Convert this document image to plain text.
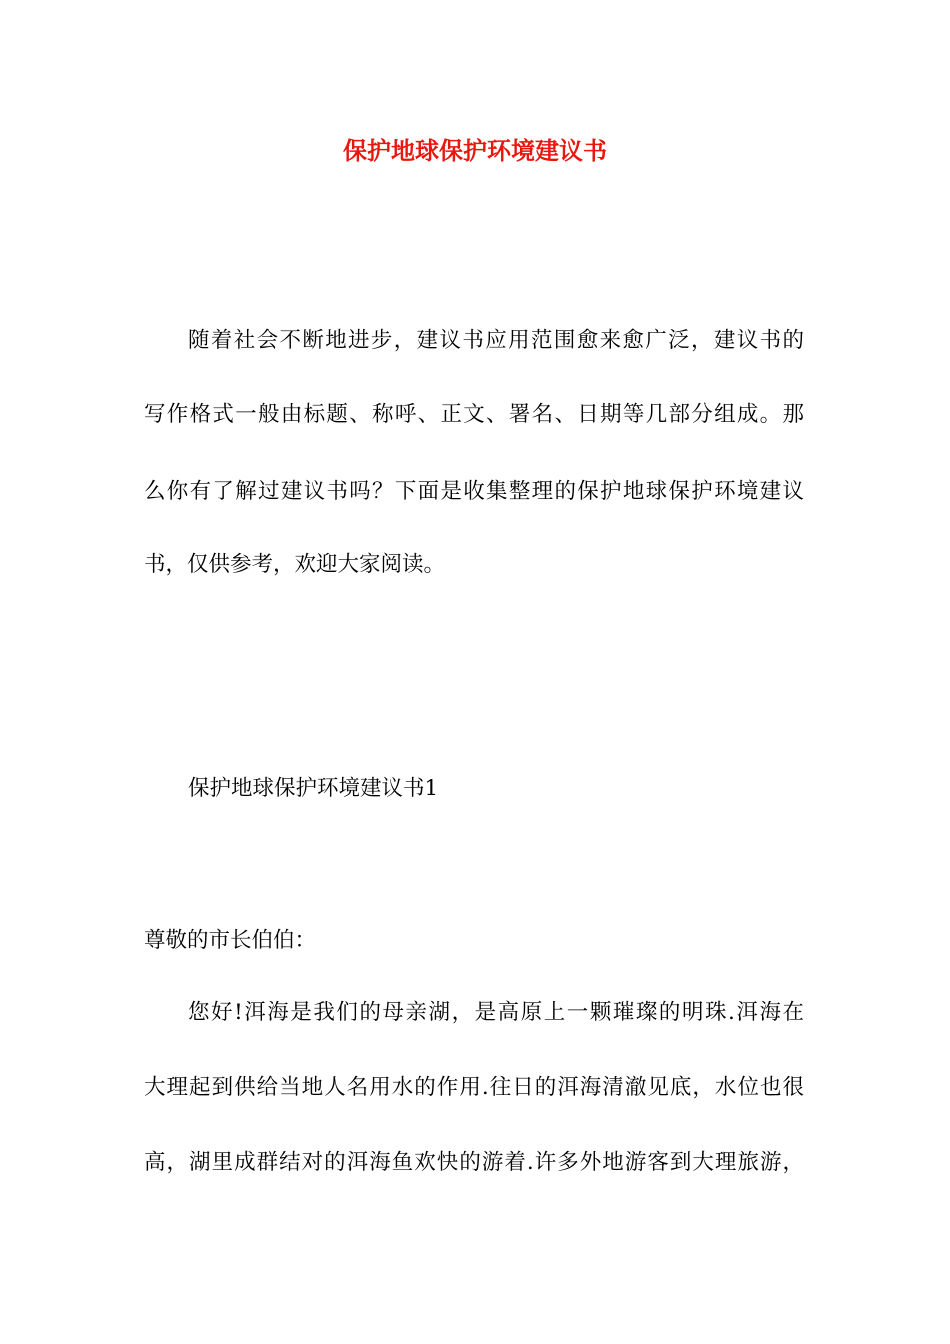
保护地球保护环境建议书
随着社会不断地进步，建议书应用范围愈来愈广泛，建议书的
写作格式一般由标题、称呼、正文、署名、日期等几部分组成。那
么你有了解过建议书吗？下面是收集整理的保护地球保护环境建议
书，仅供参考，欢迎大家阅读。
保护地球保护环境建议书1
尊敬的市长伯伯：
您好!洱海是我们的母亲湖，是高原上一颗璀璨的明珠.洱海在
大理起到供给当地人名用水的作用.往日的洱海清澈见底，水位也很
高，湖里成群结对的洱海鱼欢快的游着.许多外地游客到大理旅游，
